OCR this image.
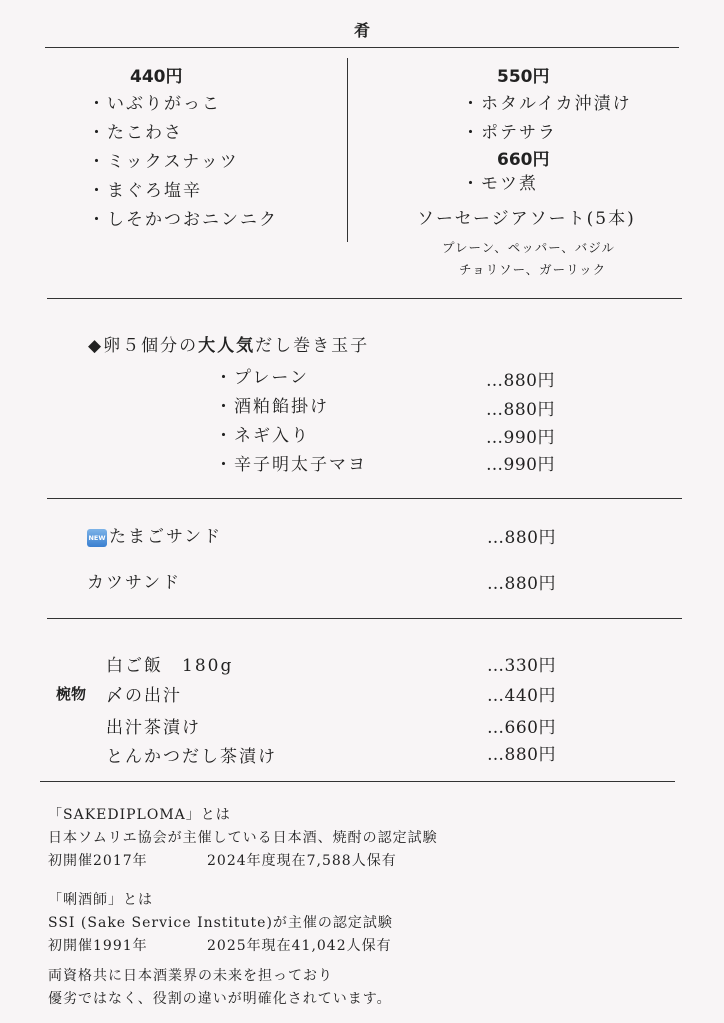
肴
440円
・いぶりがっこ
・たこわさ
・ミックスナッツ
・まぐろ塩辛
・しそかつおニンニク
550円
・ホタルイカ沖漬け
・ポテサラ
660円
・モツ煮
ソーセージアソート(5本)
プレーン、ペッパー、バジル
チョリソー、ガーリック
◆卵５個分の大人気だし巻き玉子
・プレーン	…880円
・酒粕餡掛け	…880円
・ネギ入り	…990円
・辛子明太子マヨ	…990円
NEW たまごサンド	…880円
カツサンド	…880円
椀物
白ご飯　180g	…330円
〆の出汁	…440円
出汁茶漬け	…660円
とんかつだし茶漬け	…880円
「SAKEDIPLOMA」とは
日本ソムリエ協会が主催している日本酒、焼酎の認定試験
初開催2017年	2024年度現在7,588人保有
「唎酒師」とは
SSI (Sake Service Institute)が主催の認定試験
初開催1991年	2025年現在41,042人保有
両資格共に日本酒業界の未来を担っており
優劣ではなく、役割の違いが明確化されています。
